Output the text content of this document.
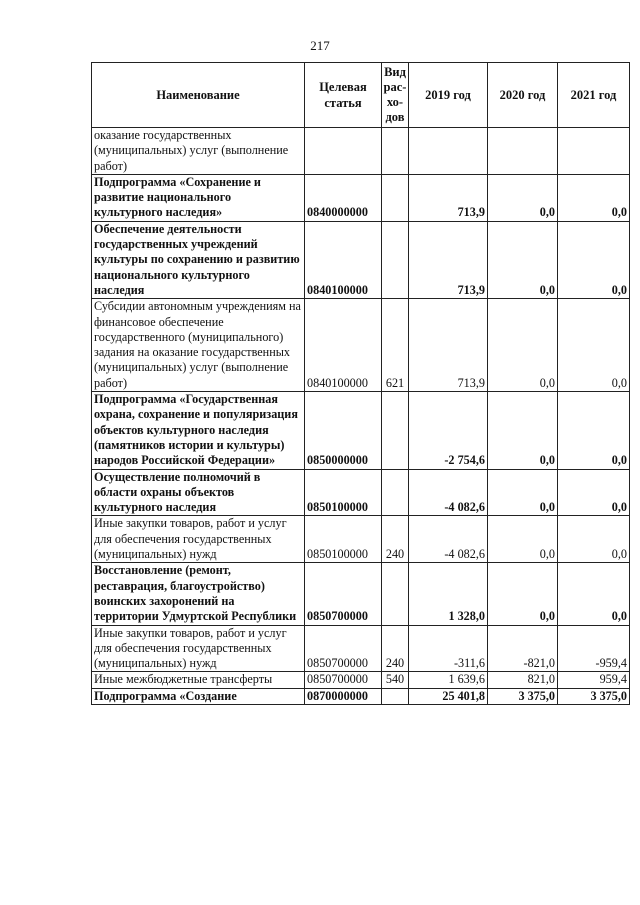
217
Наименование	Целевая статья	Вид рас-хо-дов	2019 год	2020 год	2021 год
оказание государственных (муниципальных) услуг (выполнение работ)					
Подпрограмма «Сохранение и развитие национального культурного наследия»	0840000000		713,9	0,0	0,0
Обеспечение деятельности государственных учреждений культуры по сохранению и развитию национального культурного наследия	0840100000		713,9	0,0	0,0
Субсидии автономным учреждениям на финансовое обеспечение государственного (муниципального) задания на оказание государственных (муниципальных) услуг (выполнение работ)	0840100000	621	713,9	0,0	0,0
Подпрограмма «Государственная охрана, сохранение и популяризация объектов культурного наследия (памятников истории и культуры) народов Российской Федерации»	0850000000		-2 754,6	0,0	0,0
Осуществление полномочий в области охраны объектов культурного наследия	0850100000		-4 082,6	0,0	0,0
Иные закупки товаров, работ и услуг для обеспечения государственных (муниципальных) нужд	0850100000	240	-4 082,6	0,0	0,0
Восстановление (ремонт, реставрация, благоустройство) воинских захоронений на территории Удмуртской Республики	0850700000		1 328,0	0,0	0,0
Иные закупки товаров, работ и услуг для обеспечения государственных (муниципальных) нужд	0850700000	240	-311,6	-821,0	-959,4
Иные межбюджетные трансферты	0850700000	540	1 639,6	821,0	959,4
Подпрограмма «Создание	0870000000		25 401,8	3 375,0	3 375,0
